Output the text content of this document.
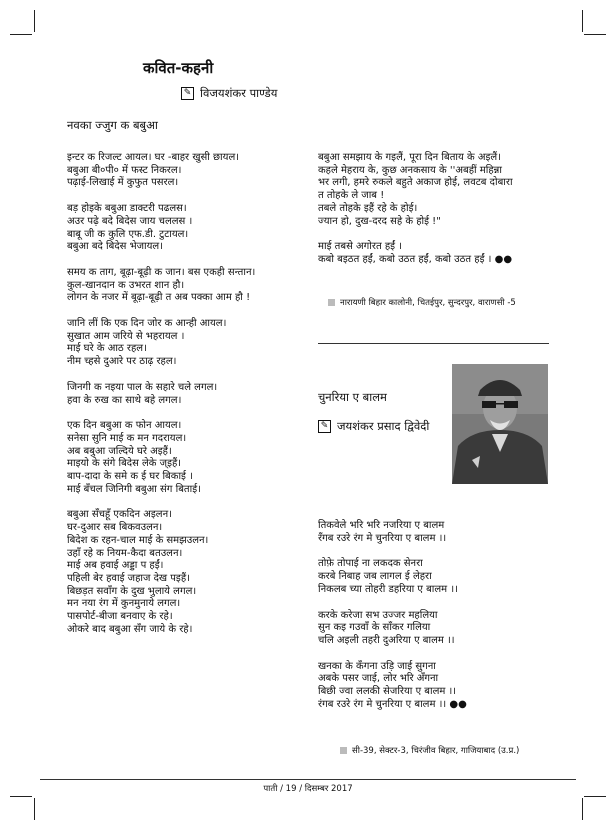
कवित-कहनी
✎ विजयशंकर पाण्डेय
नवका ज्जुग क बबुआ
इन्टर क रिजल्ट आयल। घर -बाहर खुसी छायल।
बबुआ बी०पी० में फस्ट निकरल।
पढ़ाई-लिखाई में कुफुत पसरल।
बड़ होइके बबुआ डाक्टरी पढलस।
अउर पढ़े बदे बिदेस जाय चललस ।
बाबू जी क कुलि एफ.डी. टुटायल।
बबुआ बदे बिदेस भेजायल।
समय क ताग, बूढ़ा-बूढ़ी क जान। बस एकही सन्तान।
कुल-खानदान क उभरत शान हौ।
लोगन के नजर में बूढ़ा-बूढ़ी त अब पक्का आम हौ !
जानि लीं कि एक दिन जोर क आन्ही आयल।
सुखात आम जरिये से भहरायल ।
माई घरे के आठ रहल।
नीम च्हसे दुआरे पर ठाढ़ रहल।
जिनगी क नइया पाल के सहारे चले लगल।
हवा के रुख का साथे बहे लगल।
एक दिन बबुआ क फोन आयल।
सनेसा सुनि माई क मन गदरायल।
अब बबुआ जल्दिये घरे अइहैं।
माइयो के संगे बिदेस लेके ज्इहैं।
बाप-दादा के समे क ई घर बिकाई ।
माई बँचल जिनिगी बबुआ संग बिताई।
बबुआ सँचहूँ एकदिन अइलन।
घर-दुआर सब बिकवउलन।
बिदेश क रहन-चाल माई के समझउलन।
उहाँ रहे क नियम-कैदा बतउलन।
माई अब हवाई अड्डा प हईं।
पहिली बेर हवाई जहाज देख पइहैं।
बिछड़त सवाँग के दुख भुलाये लगल।
मन नया रंग में कुनमुनाये लगल।
पासपोर्ट-बीजा बनवाए के रहे।
ओकरे बाद बबुआ सँग जाये के रहे।
बबुआ समझाय के गइलैं, पूरा दिन बिताय के अइलैं।
कहले मेहराय के, कुछ अनकसाय के ''अबहीं महिन्ना
भर लगी, हमरे रुकले बहुते अकाज होई, लवटब दोबारा
त तोहके ले जाब !
तबले तोहके इहैं रहे के होई।
ज्यान हो, दुख-दरद सहे के होई !"
माई तबसे अगोरत हईं ।
कबो बइठत हईं, कबो उठत हईं, कबो उठत हईं । ●●
नारायणी बिहार कालोनी, चितईपुर, सुन्दरपुर, वाराणसी -5
चुनरिया ए बालम
✎ जयशंकर प्रसाद द्विवेदी
तिकवेले भरि भरि नजरिया ए बालम
रँगब रउरे रंग मे चुनरिया ए बालम ।।
तोफ़े तोपाई ना लकदक सेनरा
करबे निबाह जब लागल ई लेहरा
निकलब च्या तोहरी डहरिया ए बालम ।।
करके करेजा सभ उज्जर महलिया
सुन कइ गउवाँ के साँकर गलिया
चलि अइली तहरी दुअरिया ए बालम ।।
खनका के कँगना उड़ि जाई सुगना
अबके पसर जाई, लोर भरि अँगना
बिछी ज्वा ललकी सेजरिया ए बालम ।।
रंगब रउरे रंग मे चुनरिया ए बालम ।। ●●
सी-39, सेक्टर-3, चिरंजीव बिहार, गाजियाबाद (उ.प्र.)
पाती / 19 / दिसम्बर 2017
